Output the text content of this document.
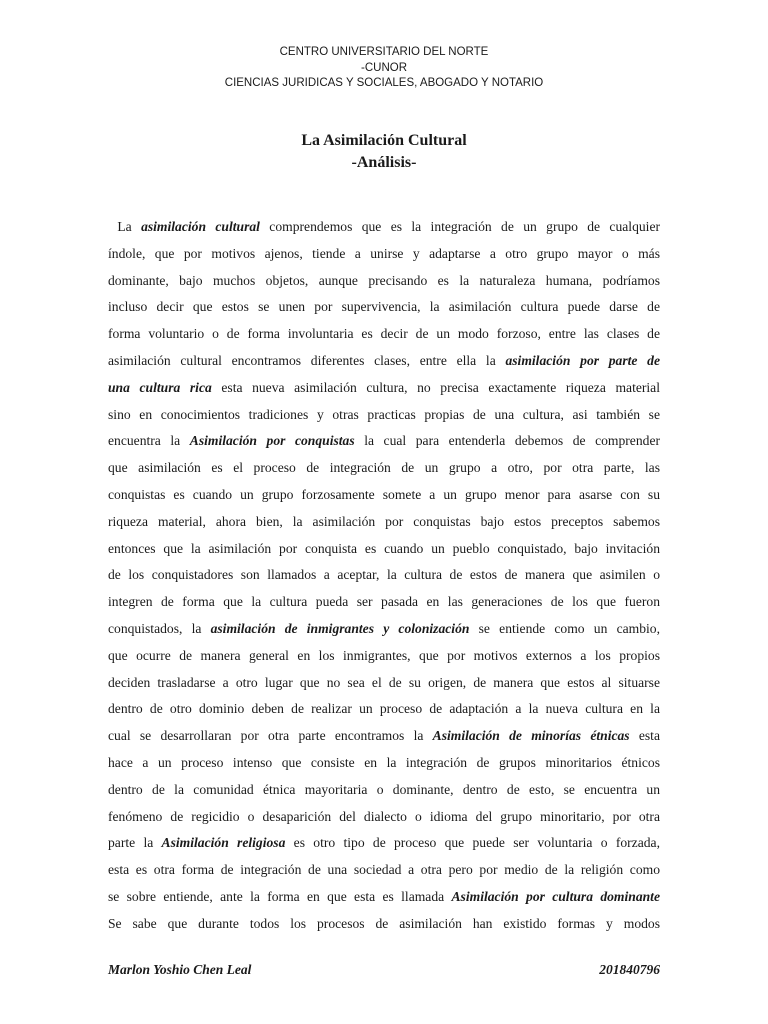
CENTRO UNIVERSITARIO DEL NORTE
-CUNOR
CIENCIAS JURIDICAS Y SOCIALES, ABOGADO Y NOTARIO
La Asimilación Cultural
-Análisis-
La asimilación cultural comprendemos que es la integración de un grupo de cualquier
índole, que por motivos ajenos, tiende a unirse y adaptarse a otro grupo mayor o más
dominante, bajo muchos objetos, aunque precisando es la naturaleza humana, podríamos
incluso decir que estos se unen por supervivencia, la asimilación cultura puede darse de
forma voluntario o de forma involuntaria es decir de un modo forzoso, entre las clases de
asimilación cultural encontramos diferentes clases, entre ella la asimilación por parte de
una cultura rica esta nueva asimilación cultura, no precisa exactamente riqueza material
sino en conocimientos tradiciones y otras practicas propias de una cultura, asi también se
encuentra la Asimilación por conquistas la cual para entenderla debemos de comprender
que asimilación es el proceso de integración de un grupo a otro, por otra parte, las
conquistas es cuando un grupo forzosamente somete a un grupo menor para asarse con su
riqueza material, ahora bien, la asimilación por conquistas bajo estos preceptos sabemos
entonces que la asimilación por conquista es cuando un pueblo conquistado, bajo invitación
de los conquistadores son llamados a aceptar, la cultura de estos de manera que asimilen o
integren de forma que la cultura pueda ser pasada en las generaciones de los que fueron
conquistados, la asimilación de inmigrantes y colonización se entiende como un cambio,
que ocurre de manera general en los inmigrantes, que por motivos externos a los propios
deciden trasladarse a otro lugar que no sea el de su origen, de manera que estos al situarse
dentro de otro dominio deben de realizar un proceso de adaptación a la nueva cultura en la
cual se desarrollaran por otra parte encontramos la Asimilación de minorías étnicas esta
hace a un proceso intenso que consiste en la integración de grupos minoritarios étnicos
dentro de la comunidad étnica mayoritaria o dominante, dentro de esto, se encuentra un
fenómeno de regicidio o desaparición del dialecto o idioma del grupo minoritario, por otra
parte la Asimilación religiosa es otro tipo de proceso que puede ser voluntaria o forzada,
esta es otra forma de integración de una sociedad a otra pero por medio de la religión como
se sobre entiende, ante la forma en que esta es llamada Asimilación por cultura dominante
Se sabe que durante todos los procesos de asimilación han existido formas y modos
Marlon Yoshio Chen Leal	201840796
